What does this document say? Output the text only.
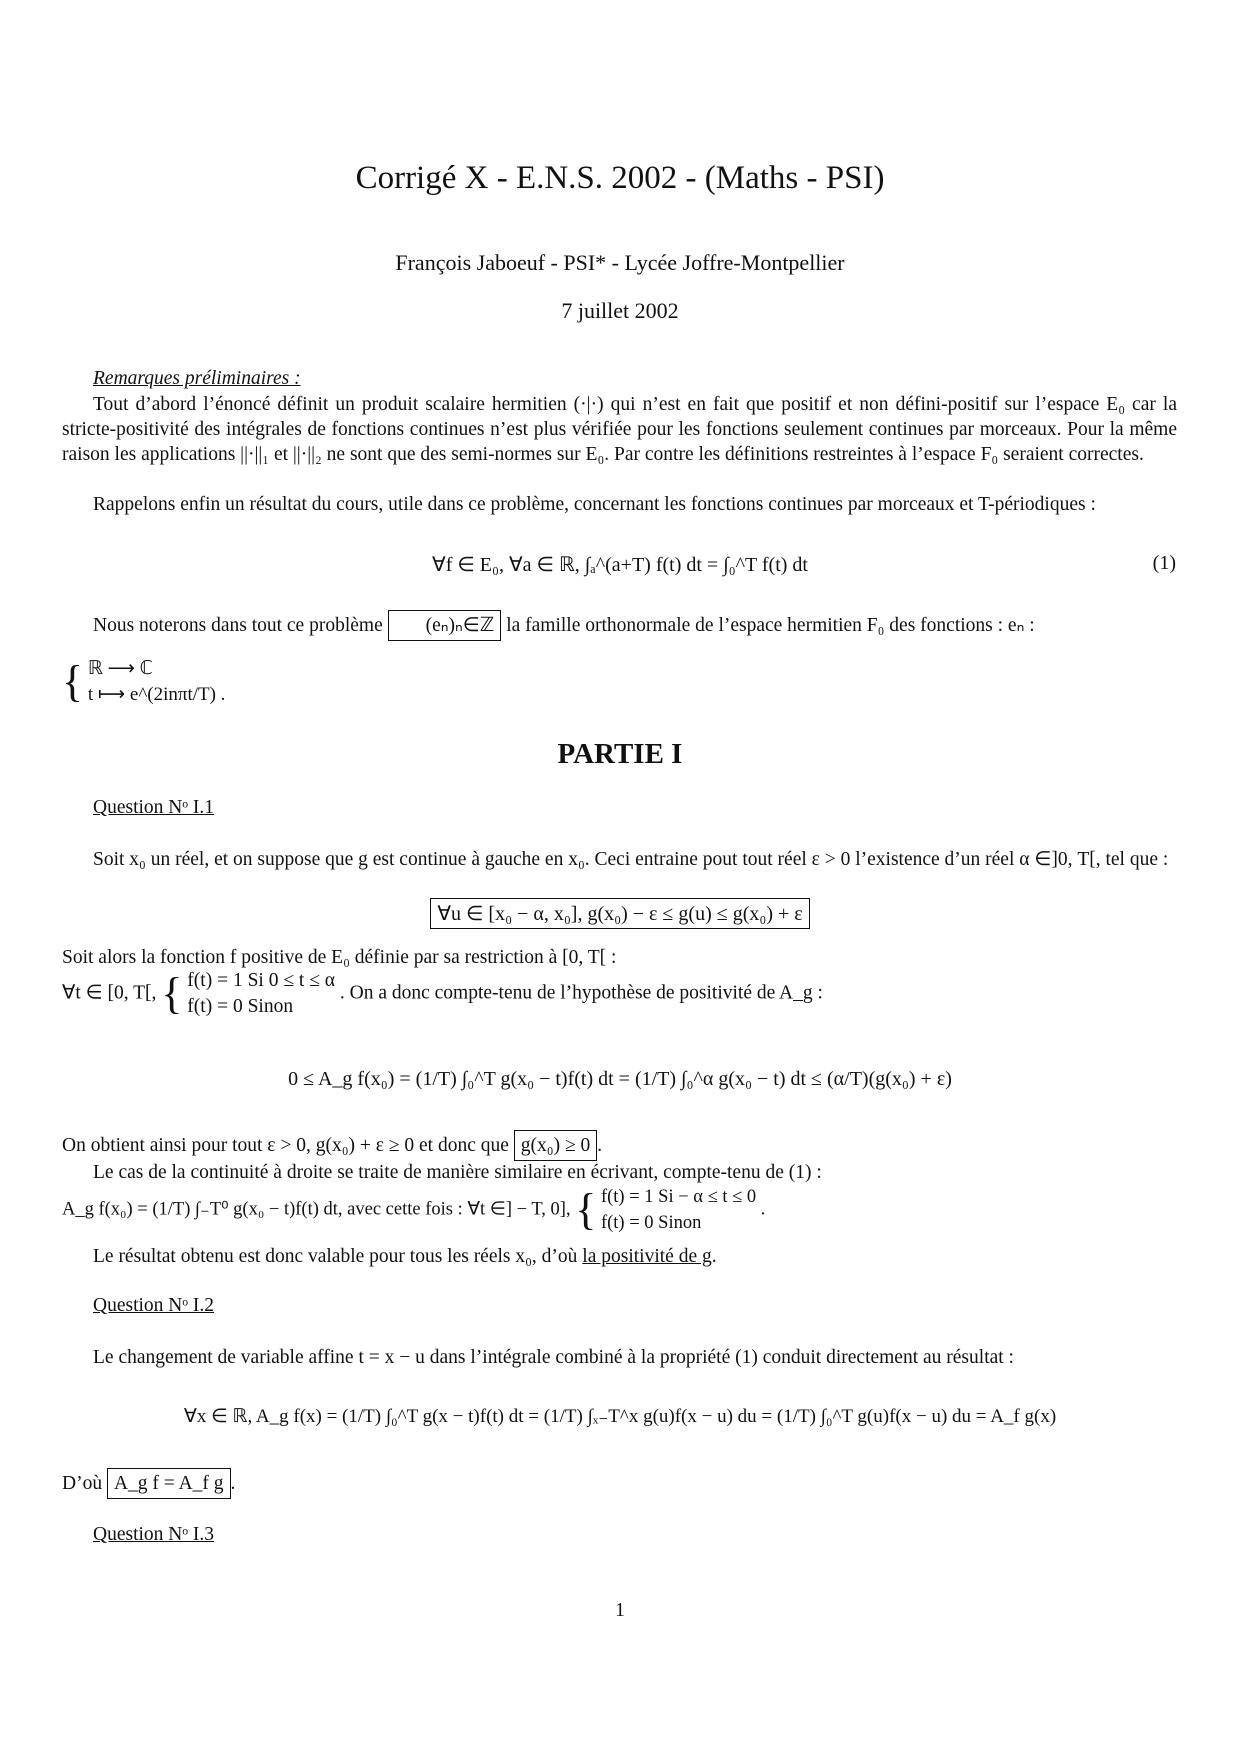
Corrigé X - E.N.S. 2002 - (Maths - PSI)
François Jaboeuf - PSI* - Lycée Joffre-Montpellier
7 juillet 2002
Remarques préliminaires :
Tout d’abord l’énoncé définit un produit scalaire hermitien (·|·) qui n’est en fait que positif et non défini-positif sur l’espace E₀ car la stricte-positivité des intégrales de fonctions continues n’est plus vérifiée pour les fonctions seulement continues par morceaux. Pour la même raison les applications ||·||₁ et ||·||₂ ne sont que des semi-normes sur E₀. Par contre les définitions restreintes à l’espace F₀ seraient correctes.
Rappelons enfin un résultat du cours, utile dans ce problème, concernant les fonctions continues par morceaux et T-périodiques :
∀f ∈ E₀, ∀a ∈ ℝ, ∫ₐ^(a+T) f(t) dt = ∫₀^T f(t) dt	(1)
Nous noterons dans tout ce problème (eₙ)ₙ∈ℤ la famille orthonormale de l’espace hermitien F₀ des fonctions : eₙ :
{ ℝ ⟶ ℂ
t ⟼ e^(2inπt/T) .
PARTIE I
Question Nᵒ I.1
Soit x₀ un réel, et on suppose que g est continue à gauche en x₀. Ceci entraine pout tout réel ε > 0 l’existence d’un réel α ∈]0, T[, tel que :
∀u ∈ [x₀ − α, x₀], g(x₀) − ε ≤ g(u) ≤ g(x₀) + ε
Soit alors la fonction f positive de E₀ définie par sa restriction à [0, T[ :
∀t ∈ [0, T[, { f(t) = 1 Si 0 ≤ t ≤ α
f(t) = 0 Sinon
. On a donc compte-tenu de l’hypothèse de positivité de A_g :
0 ≤ A_g f(x₀) = (1/T) ∫₀^T g(x₀ − t)f(t) dt = (1/T) ∫₀^α g(x₀ − t) dt ≤ (α/T)(g(x₀) + ε)
On obtient ainsi pour tout ε > 0, g(x₀) + ε ≥ 0 et donc que g(x₀) ≥ 0 .
Le cas de la continuité à droite se traite de manière similaire en écrivant, compte-tenu de (1) :
A_g f(x₀) = (1/T) ∫₋T⁰ g(x₀ − t)f(t) dt, avec cette fois : ∀t ∈] − T, 0], { f(t) = 1 Si − α ≤ t ≤ 0
f(t) = 0 Sinon
.
Le résultat obtenu est donc valable pour tous les réels x₀, d’où la positivité de g.
Question Nᵒ I.2
Le changement de variable affine t = x − u dans l’intégrale combiné à la propriété (1) conduit directement au résultat :
∀x ∈ ℝ, A_g f(x) = (1/T) ∫₀^T g(x − t)f(t) dt = (1/T) ∫ₓ₋T^x g(u)f(x − u) du = (1/T) ∫₀^T g(u)f(x − u) du = A_f g(x)
D’où A_g f = A_f g .
Question Nᵒ I.3
1
